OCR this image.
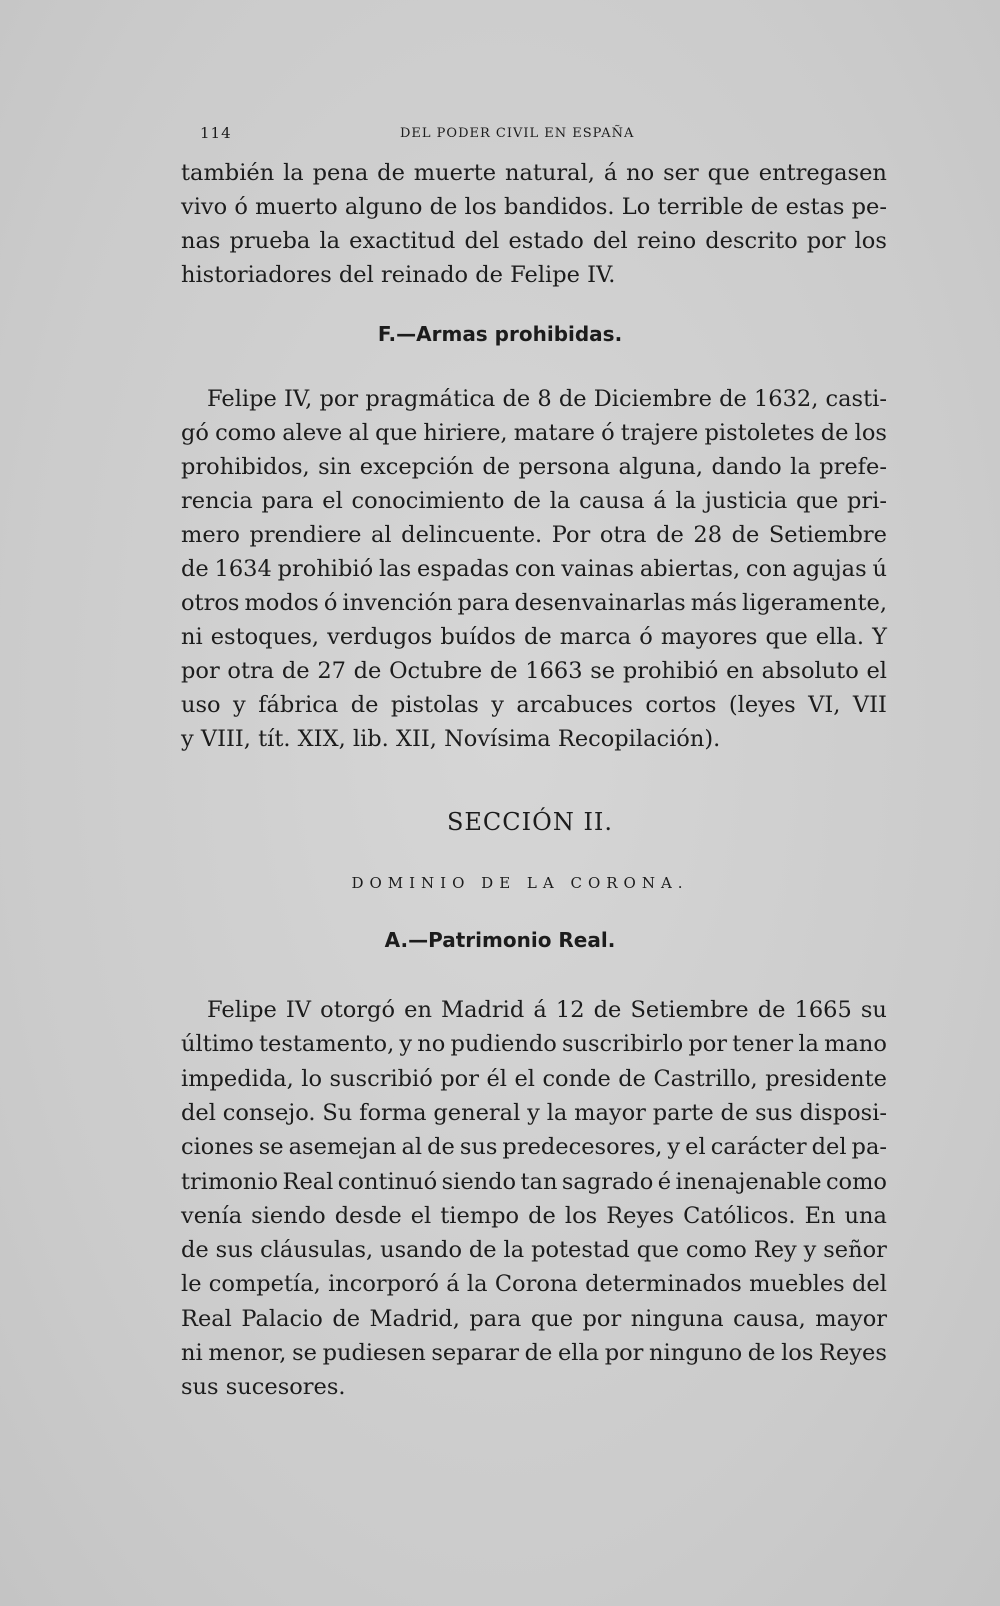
114	DEL PODER CIVIL EN ESPAÑA
también la pena de muerte natural, á no ser que entregasen
vivo ó muerto alguno de los bandidos. Lo terrible de estas pe-
nas prueba la exactitud del estado del reino descrito por los
historiadores del reinado de Felipe IV.
F.—Armas prohibidas.
Felipe IV, por pragmática de 8 de Diciembre de 1632, casti-
gó como aleve al que hiriere, matare ó trajere pistoletes de los
prohibidos, sin excepción de persona alguna, dando la prefe-
rencia para el conocimiento de la causa á la justicia que pri-
mero prendiere al delincuente. Por otra de 28 de Setiembre
de 1634 prohibió las espadas con vainas abiertas, con agujas ú
otros modos ó invención para desenvainarlas más ligeramente,
ni estoques, verdugos buídos de marca ó mayores que ella. Y
por otra de 27 de Octubre de 1663 se prohibió en absoluto el
uso y fábrica de pistolas y arcabuces cortos (leyes VI, VII
y VIII, tít. XIX, lib. XII, Novísima Recopilación).
SECCIÓN II.
DOMINIO DE LA CORONA.
A.—Patrimonio Real.
Felipe IV otorgó en Madrid á 12 de Setiembre de 1665 su
último testamento, y no pudiendo suscribirlo por tener la mano
impedida, lo suscribió por él el conde de Castrillo, presidente
del consejo. Su forma general y la mayor parte de sus disposi-
ciones se asemejan al de sus predecesores, y el carácter del pa-
trimonio Real continuó siendo tan sagrado é inenajenable como
venía siendo desde el tiempo de los Reyes Católicos. En una
de sus cláusulas, usando de la potestad que como Rey y señor
le competía, incorporó á la Corona determinados muebles del
Real Palacio de Madrid, para que por ninguna causa, mayor
ni menor, se pudiesen separar de ella por ninguno de los Reyes
sus sucesores.
